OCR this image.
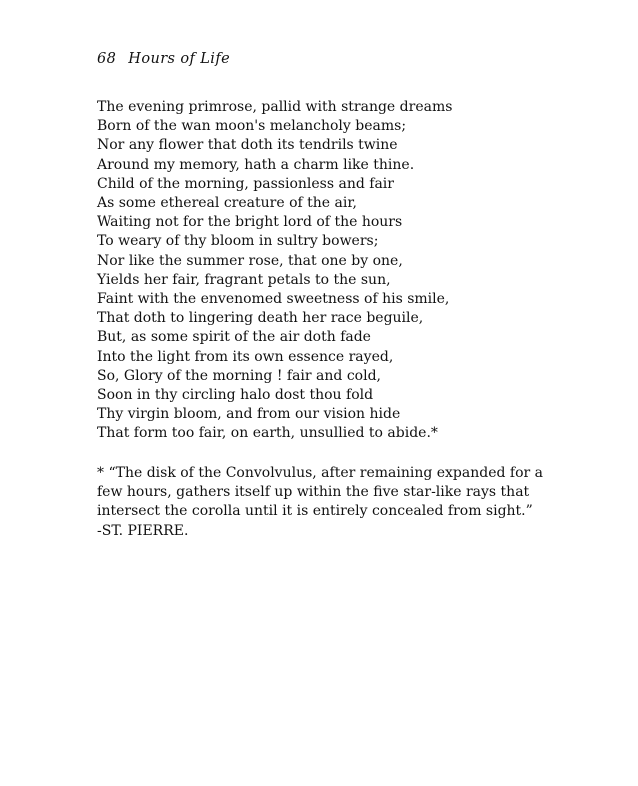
68 Hours of Life
The evening primrose, pallid with strange dreams
Born of the wan moon's melancholy beams;
Nor any flower that doth its tendrils twine
Around my memory, hath a charm like thine.
Child of the morning, passionless and fair
As some ethereal creature of the air,
Waiting not for the bright lord of the hours
To weary of thy bloom in sultry bowers;
Nor like the summer rose, that one by one,
Yields her fair, fragrant petals to the sun,
Faint with the envenomed sweetness of his smile,
That doth to lingering death her race beguile,
But, as some spirit of the air doth fade
Into the light from its own essence rayed,
So, Glory of the morning ! fair and cold,
Soon in thy circling halo dost thou fold
Thy virgin bloom, and from our vision hide
That form too fair, on earth, unsullied to abide.*
* “The disk of the Convolvulus, after remaining expanded for a
few hours, gathers itself up within the five star-like rays that
intersect the corolla until it is entirely concealed from sight.”
-ST. PIERRE.
